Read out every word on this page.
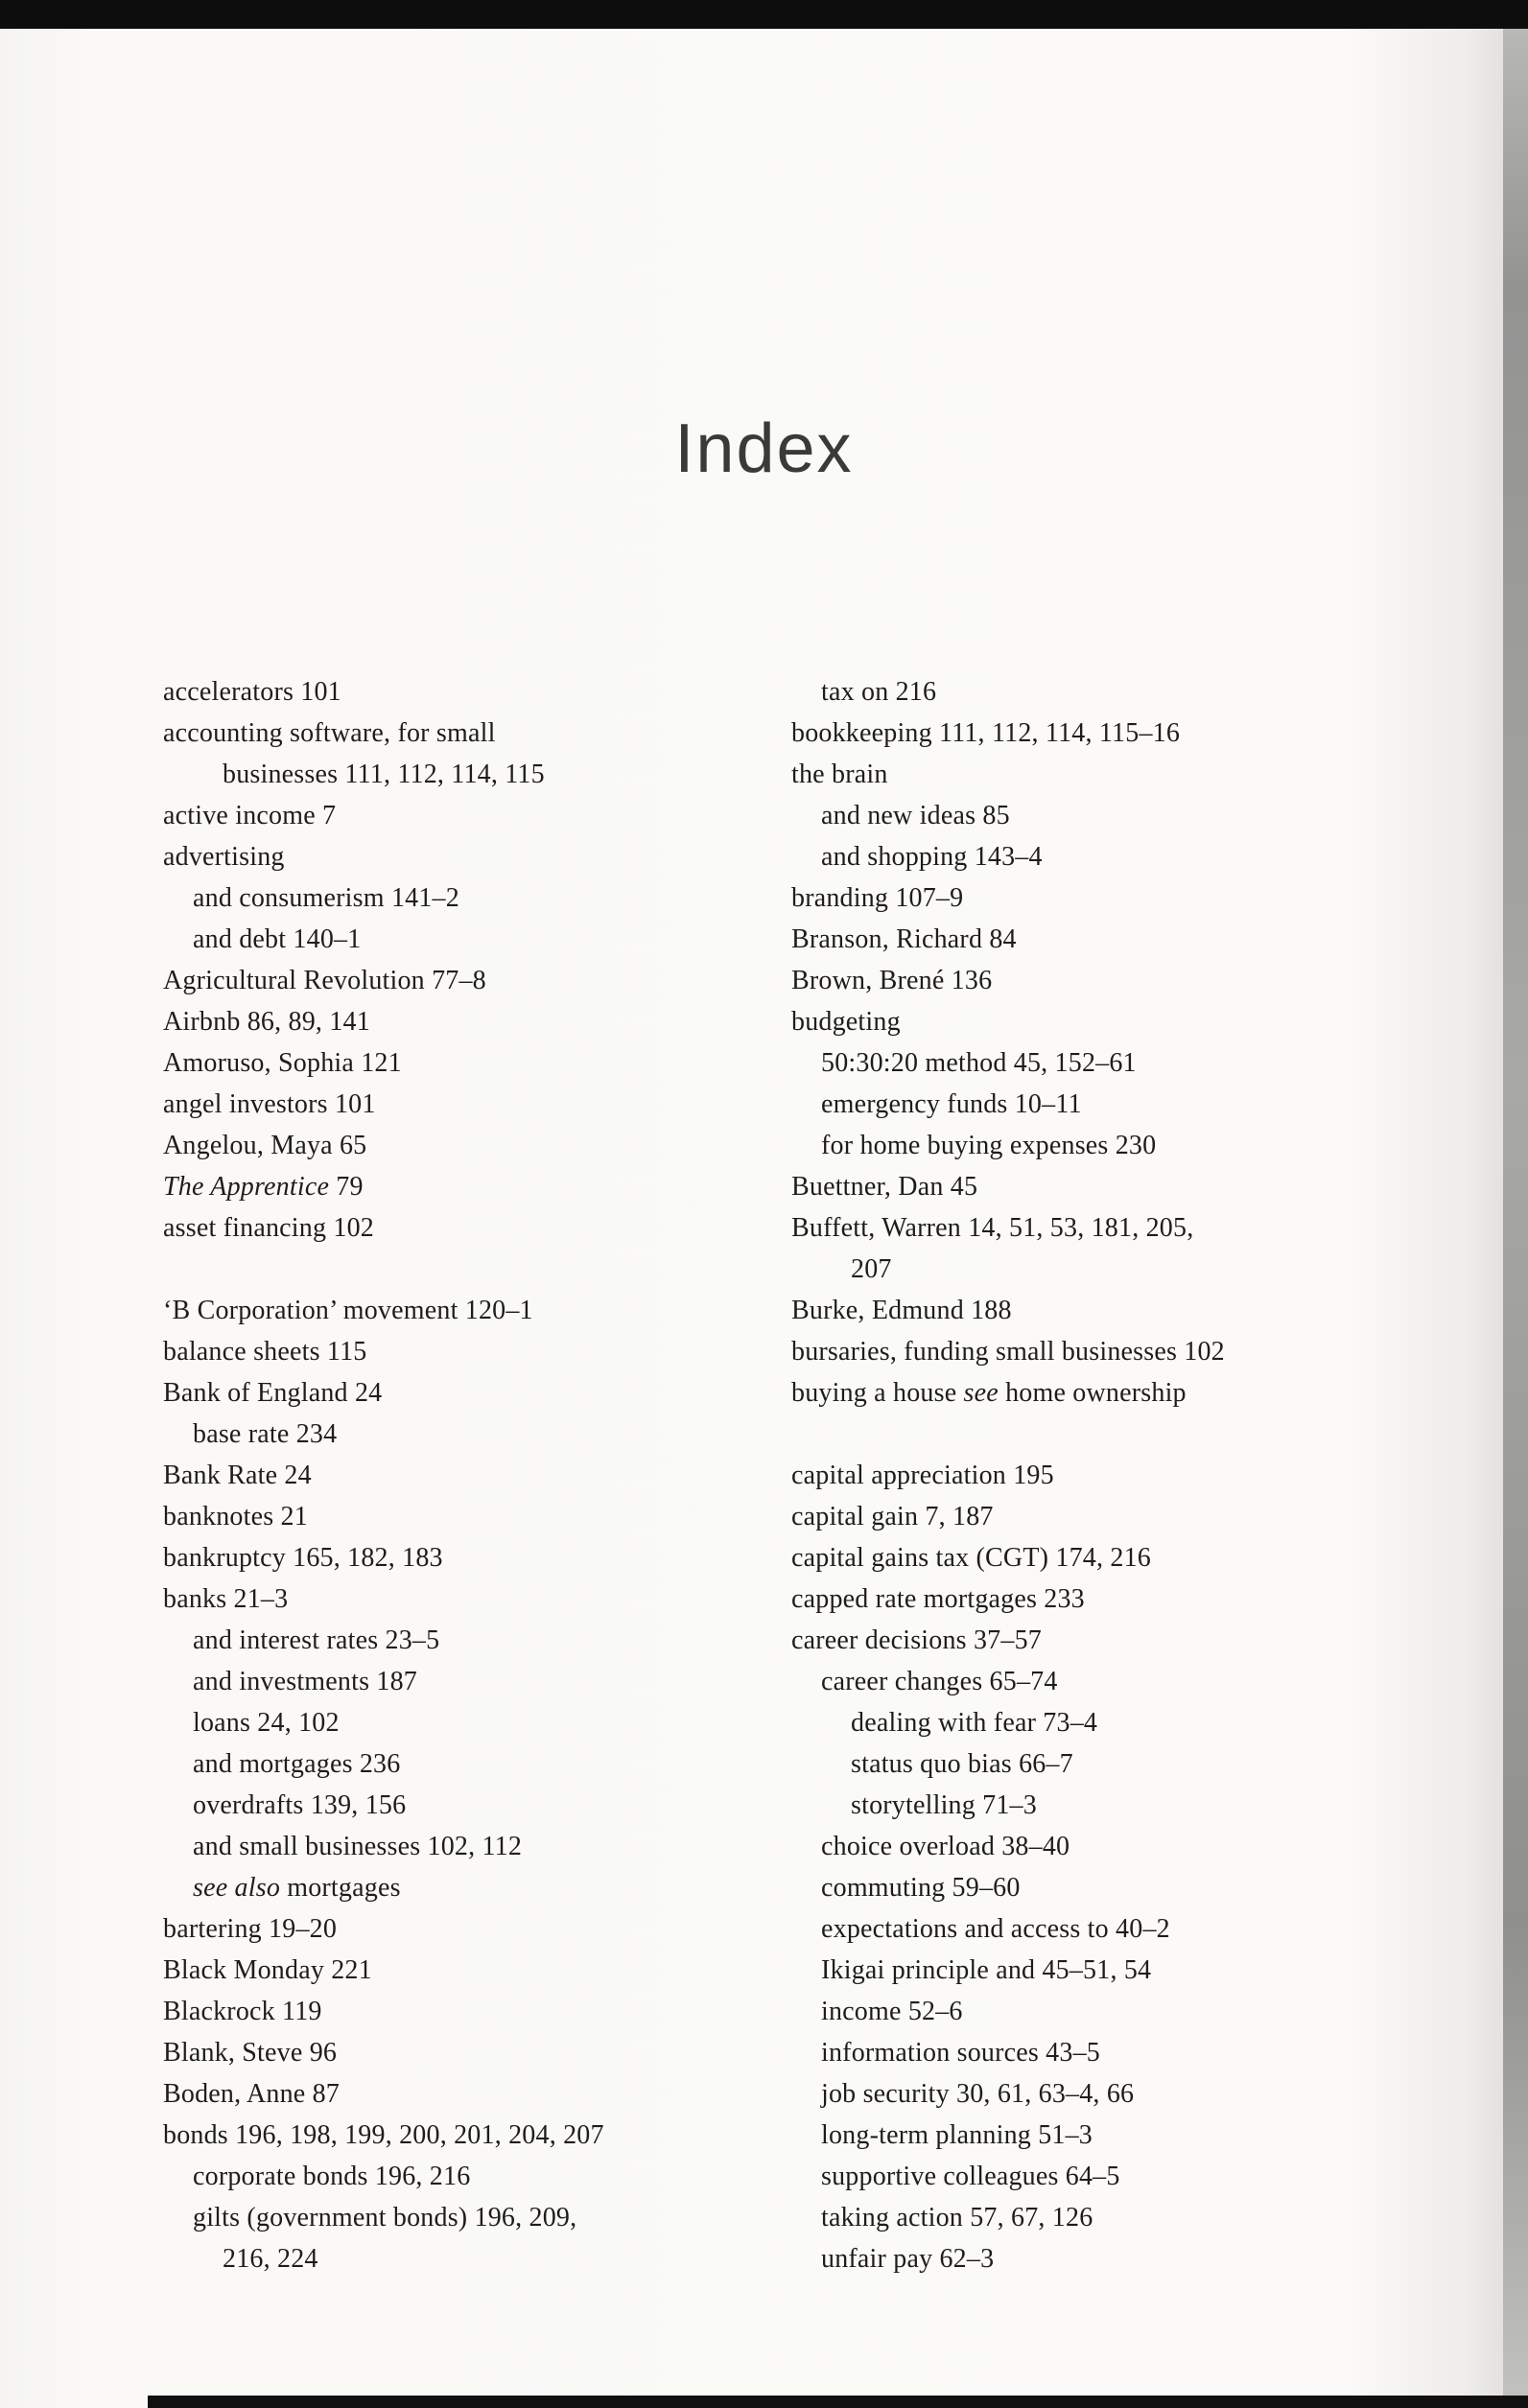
Index
accelerators 101
accounting software, for small
businesses 111, 112, 114, 115
active income 7
advertising
and consumerism 141–2
and debt 140–1
Agricultural Revolution 77–8
Airbnb 86, 89, 141
Amoruso, Sophia 121
angel investors 101
Angelou, Maya 65
The Apprentice 79
asset financing 102
‘B Corporation’ movement 120–1
balance sheets 115
Bank of England 24
base rate 234
Bank Rate 24
banknotes 21
bankruptcy 165, 182, 183
banks 21–3
and interest rates 23–5
and investments 187
loans 24, 102
and mortgages 236
overdrafts 139, 156
and small businesses 102, 112
see also mortgages
bartering 19–20
Black Monday 221
Blackrock 119
Blank, Steve 96
Boden, Anne 87
bonds 196, 198, 199, 200, 201, 204, 207
corporate bonds 196, 216
gilts (government bonds) 196, 209,
216, 224
tax on 216
bookkeeping 111, 112, 114, 115–16
the brain
and new ideas 85
and shopping 143–4
branding 107–9
Branson, Richard 84
Brown, Brené 136
budgeting
50:30:20 method 45, 152–61
emergency funds 10–11
for home buying expenses 230
Buettner, Dan 45
Buffett, Warren 14, 51, 53, 181, 205,
207
Burke, Edmund 188
bursaries, funding small businesses 102
buying a house see home ownership
capital appreciation 195
capital gain 7, 187
capital gains tax (CGT) 174, 216
capped rate mortgages 233
career decisions 37–57
career changes 65–74
dealing with fear 73–4
status quo bias 66–7
storytelling 71–3
choice overload 38–40
commuting 59–60
expectations and access to 40–2
Ikigai principle and 45–51, 54
income 52–6
information sources 43–5
job security 30, 61, 63–4, 66
long-term planning 51–3
supportive colleagues 64–5
taking action 57, 67, 126
unfair pay 62–3
